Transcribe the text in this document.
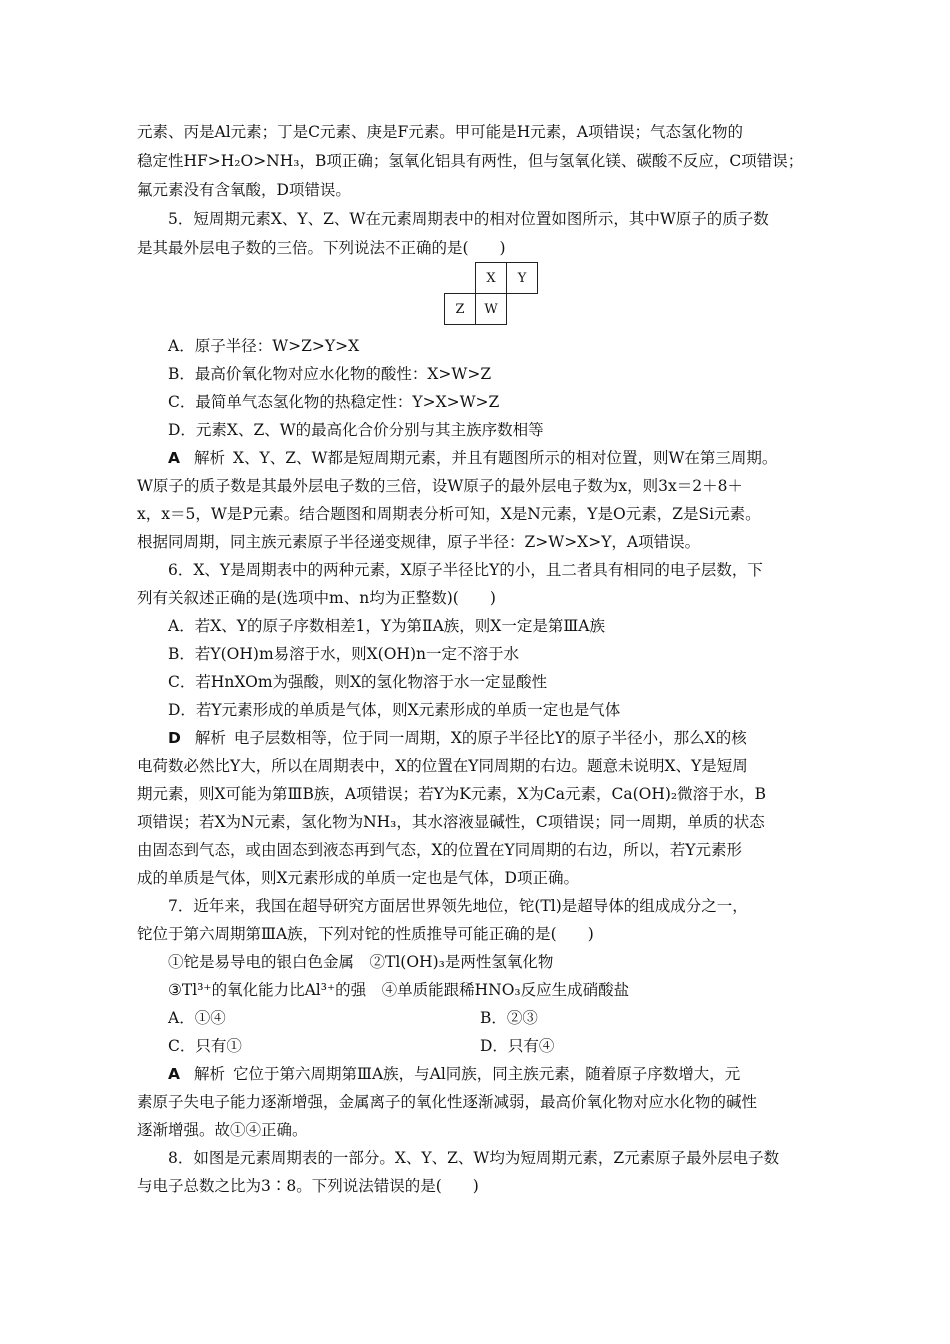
元素、丙是Al元素；丁是C元素、庚是F元素。甲可能是H元素，A项错误；气态氢化物的
稳定性HF>H₂O>NH₃，B项正确；氢氧化铝具有两性，但与氢氧化镁、碳酸不反应，C项错误；
氟元素没有含氧酸，D项错误。
5．短周期元素X、Y、Z、W在元素周期表中的相对位置如图所示，其中W原子的质子数
是其最外层电子数的三倍。下列说法不正确的是(　　)
	X	Y
Z	W	
A．原子半径：W>Z>Y>X
B．最高价氧化物对应水化物的酸性：X>W>Z
C．最简单气态氢化物的热稳定性：Y>X>W>Z
D．元素X、Z、W的最高化合价分别与其主族序数相等
A 解析 X、Y、Z、W都是短周期元素，并且有题图所示的相对位置，则W在第三周期。
W原子的质子数是其最外层电子数的三倍，设W原子的最外层电子数为x，则3x＝2＋8＋
x，x＝5，W是P元素。结合题图和周期表分析可知，X是N元素，Y是O元素，Z是Si元素。
根据同周期，同主族元素原子半径递变规律，原子半径：Z>W>X>Y，A项错误。
6．X、Y是周期表中的两种元素，X原子半径比Y的小，且二者具有相同的电子层数，下
列有关叙述正确的是(选项中m、n均为正整数)(　　)
A．若X、Y的原子序数相差1，Y为第ⅡA族，则X一定是第ⅢA族
B．若Y(OH)m易溶于水，则X(OH)n一定不溶于水
C．若HnXOm为强酸，则X的氢化物溶于水一定显酸性
D．若Y元素形成的单质是气体，则X元素形成的单质一定也是气体
D 解析 电子层数相等，位于同一周期，X的原子半径比Y的原子半径小，那么X的核
电荷数必然比Y大，所以在周期表中，X的位置在Y同周期的右边。题意未说明X、Y是短周
期元素，则X可能为第ⅢB族，A项错误；若Y为K元素，X为Ca元素，Ca(OH)₂微溶于水，B
项错误；若X为N元素，氢化物为NH₃，其水溶液显碱性，C项错误；同一周期，单质的状态
由固态到气态，或由固态到液态再到气态，X的位置在Y同周期的右边，所以，若Y元素形
成的单质是气体，则X元素形成的单质一定也是气体，D项正确。
7．近年来，我国在超导研究方面居世界领先地位，铊(Tl)是超导体的组成成分之一，
铊位于第六周期第ⅢA族，下列对铊的性质推导可能正确的是(　　)
①铊是易导电的银白色金属　②Tl(OH)₃是两性氢氧化物
③Tl³⁺的氧化能力比Al³⁺的强　④单质能跟稀HNO₃反应生成硝酸盐
A．①④	B．②③
C．只有①	D．只有④
A 解析 它位于第六周期第ⅢA族，与Al同族，同主族元素，随着原子序数增大，元
素原子失电子能力逐渐增强，金属离子的氧化性逐渐减弱，最高价氧化物对应水化物的碱性
逐渐增强。故①④正确。
8．如图是元素周期表的一部分。X、Y、Z、W均为短周期元素，Z元素原子最外层电子数
与电子总数之比为3∶8。下列说法错误的是(　　)
